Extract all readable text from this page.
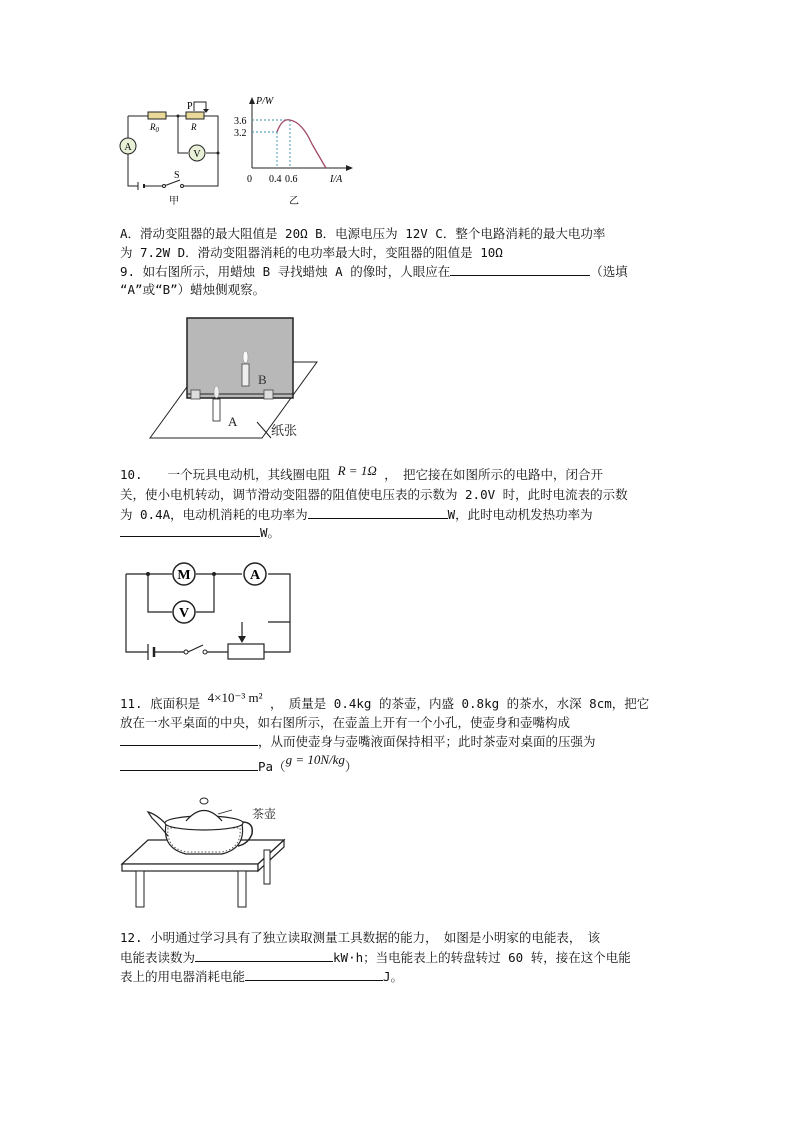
A
V
P
$R_0$	R
S
甲
P/W
I/A
3.6
3.2
0 0.4 0.6
乙
A．滑动变阻器的最大阻值是 20Ω B．电源电压为 12V C．整个电路消耗的最大电功率
为 7.2W D．滑动变阻器消耗的电功率最大时，变阻器的阻值是 10Ω
9. 如右图所示，用蜡烛 B 寻找蜡烛 A 的像时，人眼应在	（选填
“A”或“B”）蜡烛侧观察。
B
A
纸张
10.　　一个玩具电动机，其线圈电阻 R = 1Ω ，　把它接在如图所示的电路中，闭合开
关，使小电机转动，调节滑动变阻器的阻值使电压表的示数为 2.0V 时，此时电流表的示数
为 0.4A，电动机消耗的电功率为	W，此时电动机发热功率为
W。
M	A
V
11. 底面积是 4×10⁻³ m² ，　质量是 0.4kg 的茶壶，内盛 0.8kg 的茶水，水深 8cm，把它
放在一水平桌面的中央，如右图所示，在壶盖上开有一个小孔，使壶身和壶嘴构成
，从而使壶身与壶嘴液面保持相平；此时茶壶对桌面的压强为
Pa（g = 10N/kg）
茶壶
12. 小明通过学习具有了独立读取测量工具数据的能力，　如图是小明家的电能表，　该
电能表读数为	kW·h；当电能表上的转盘转过 60 转，接在这个电能
表上的用电器消耗电能	J。
